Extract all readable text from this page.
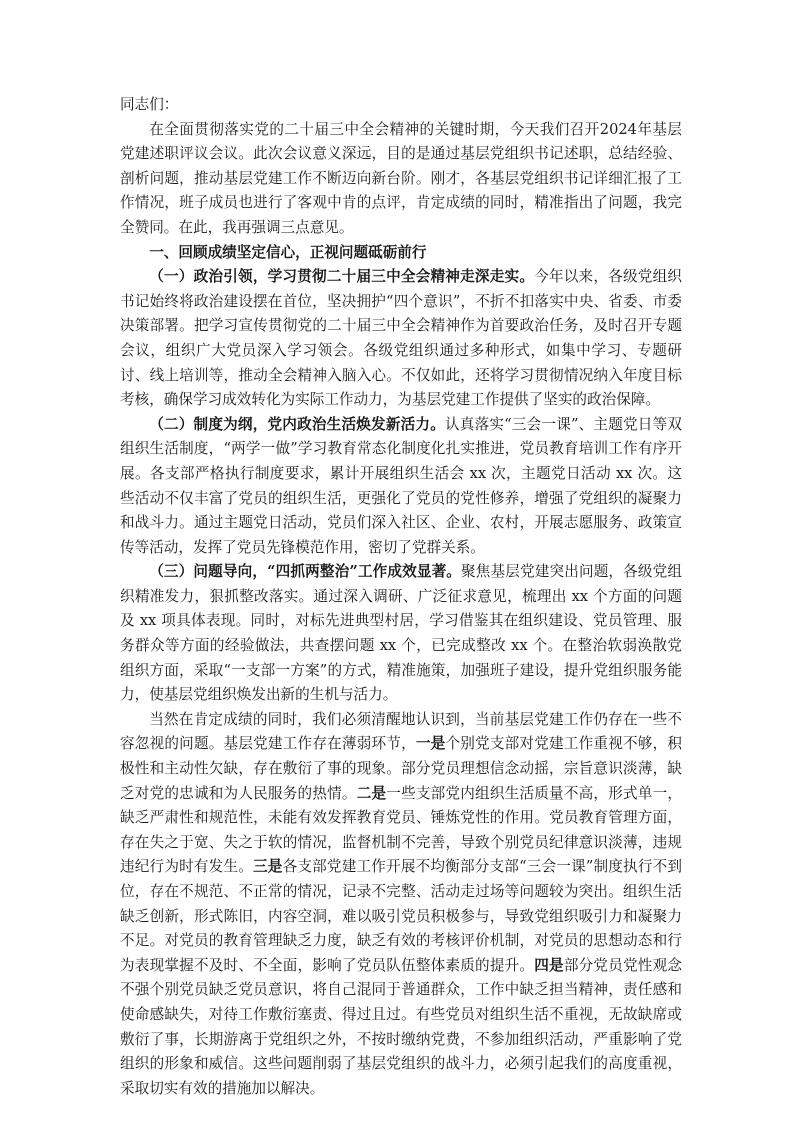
同志们：

在全面贯彻落实党的二十届三中全会精神的关键时期，今天我们召开2024年基层党建述职评议会议。此次会议意义深远，目的是通过基层党组织书记述职，总结经验、剖析问题，推动基层党建工作不断迈向新台阶。刚才，各基层党组织书记详细汇报了工作情况，班子成员也进行了客观中肯的点评，肯定成绩的同时，精准指出了问题，我完全赞同。在此，我再强调三点意见。

一、回顾成绩坚定信心，正视问题砥砺前行

（一）政治引领，学习贯彻二十届三中全会精神走深走实。今年以来，各级党组织书记始终将政治建设摆在首位，坚决拥护“四个意识”，不折不扣落实中央、省委、市委决策部署。把学习宣传贯彻党的二十届三中全会精神作为首要政治任务，及时召开专题会议，组织广大党员深入学习领会。各级党组织通过多种形式，如集中学习、专题研讨、线上培训等，推动全会精神入脑入心。不仅如此，还将学习贯彻情况纳入年度目标考核，确保学习成效转化为实际工作动力，为基层党建工作提供了坚实的政治保障。

（二）制度为纲，党内政治生活焕发新活力。认真落实“三会一课”、主题党日等双组织生活制度，“两学一做”学习教育常态化制度化扎实推进，党员教育培训工作有序开展。各支部严格执行制度要求，累计开展组织生活会 xx 次，主题党日活动 xx 次。这些活动不仅丰富了党员的组织生活，更强化了党员的党性修养，增强了党组织的凝聚力和战斗力。通过主题党日活动，党员们深入社区、企业、农村，开展志愿服务、政策宣传等活动，发挥了党员先锋模范作用，密切了党群关系。

（三）问题导向，“四抓两整治”工作成效显著。聚焦基层党建突出问题，各级党组织精准发力，狠抓整改落实。通过深入调研、广泛征求意见，梳理出 xx 个方面的问题及 xx 项具体表现。同时，对标先进典型村居，学习借鉴其在组织建设、党员管理、服务群众等方面的经验做法，共查摆问题 xx 个，已完成整改 xx 个。在整治软弱涣散党组织方面，采取“一支部一方案”的方式，精准施策，加强班子建设，提升党组织服务能力，使基层党组织焕发出新的生机与活力。

当然在肯定成绩的同时，我们必须清醒地认识到，当前基层党建工作仍存在一些不容忽视的问题。基层党建工作存在薄弱环节，一是个别党支部对党建工作重视不够，积极性和主动性欠缺，存在敷衍了事的现象。部分党员理想信念动摇，宗旨意识淡薄，缺乏对党的忠诚和为人民服务的热情。二是一些支部党内组织生活质量不高，形式单一，缺乏严肃性和规范性，未能有效发挥教育党员、锤炼党性的作用。党员教育管理方面，存在失之于宽、失之于软的情况，监督机制不完善，导致个别党员纪律意识淡薄，违规违纪行为时有发生。三是各支部党建工作开展不均衡部分支部“三会一课”制度执行不到位，存在不规范、不正常的情况，记录不完整、活动走过场等问题较为突出。组织生活缺乏创新，形式陈旧，内容空洞，难以吸引党员积极参与，导致党组织吸引力和凝聚力不足。对党员的教育管理缺乏力度，缺乏有效的考核评价机制，对党员的思想动态和行为表现掌握不及时、不全面，影响了党员队伍整体素质的提升。四是部分党员党性观念不强个别党员缺乏党员意识，将自己混同于普通群众，工作中缺乏担当精神，责任感和使命感缺失，对待工作敷衍塞责、得过且过。有些党员对组织生活不重视，无故缺席或敷衍了事，长期游离于党组织之外，不按时缴纳党费，不参加组织活动，严重影响了党组织的形象和威信。这些问题削弱了基层党组织的战斗力，必须引起我们的高度重视，采取切实有效的措施加以解决。
